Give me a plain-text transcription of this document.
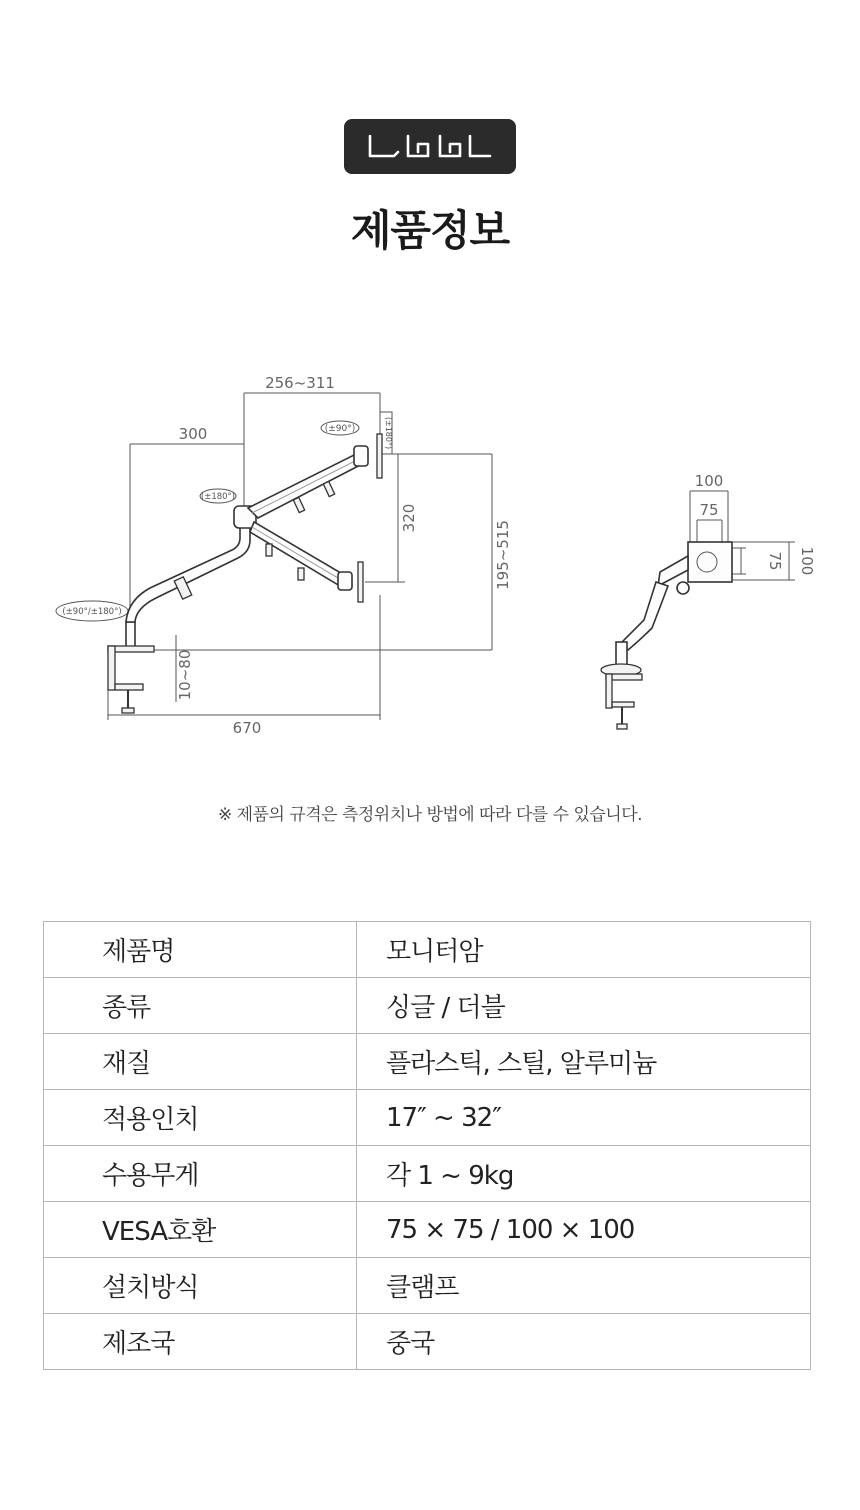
제품정보
256~311
300
320
195~515
10~80
670
(±90°)	(±180°)
(±180°)
(±90°/±180°)
100
75
75 100
※ 제품의 규격은 측정위치나 방법에 따라 다를 수 있습니다.
제품명	모니터암
종류	싱글 / 더블
재질	플라스틱, 스틸, 알루미늄
적용인치	17″ ~ 32″
수용무게	각 1 ~ 9kg
VESA호환	75 × 75 / 100 × 100
설치방식	클램프
제조국	중국
